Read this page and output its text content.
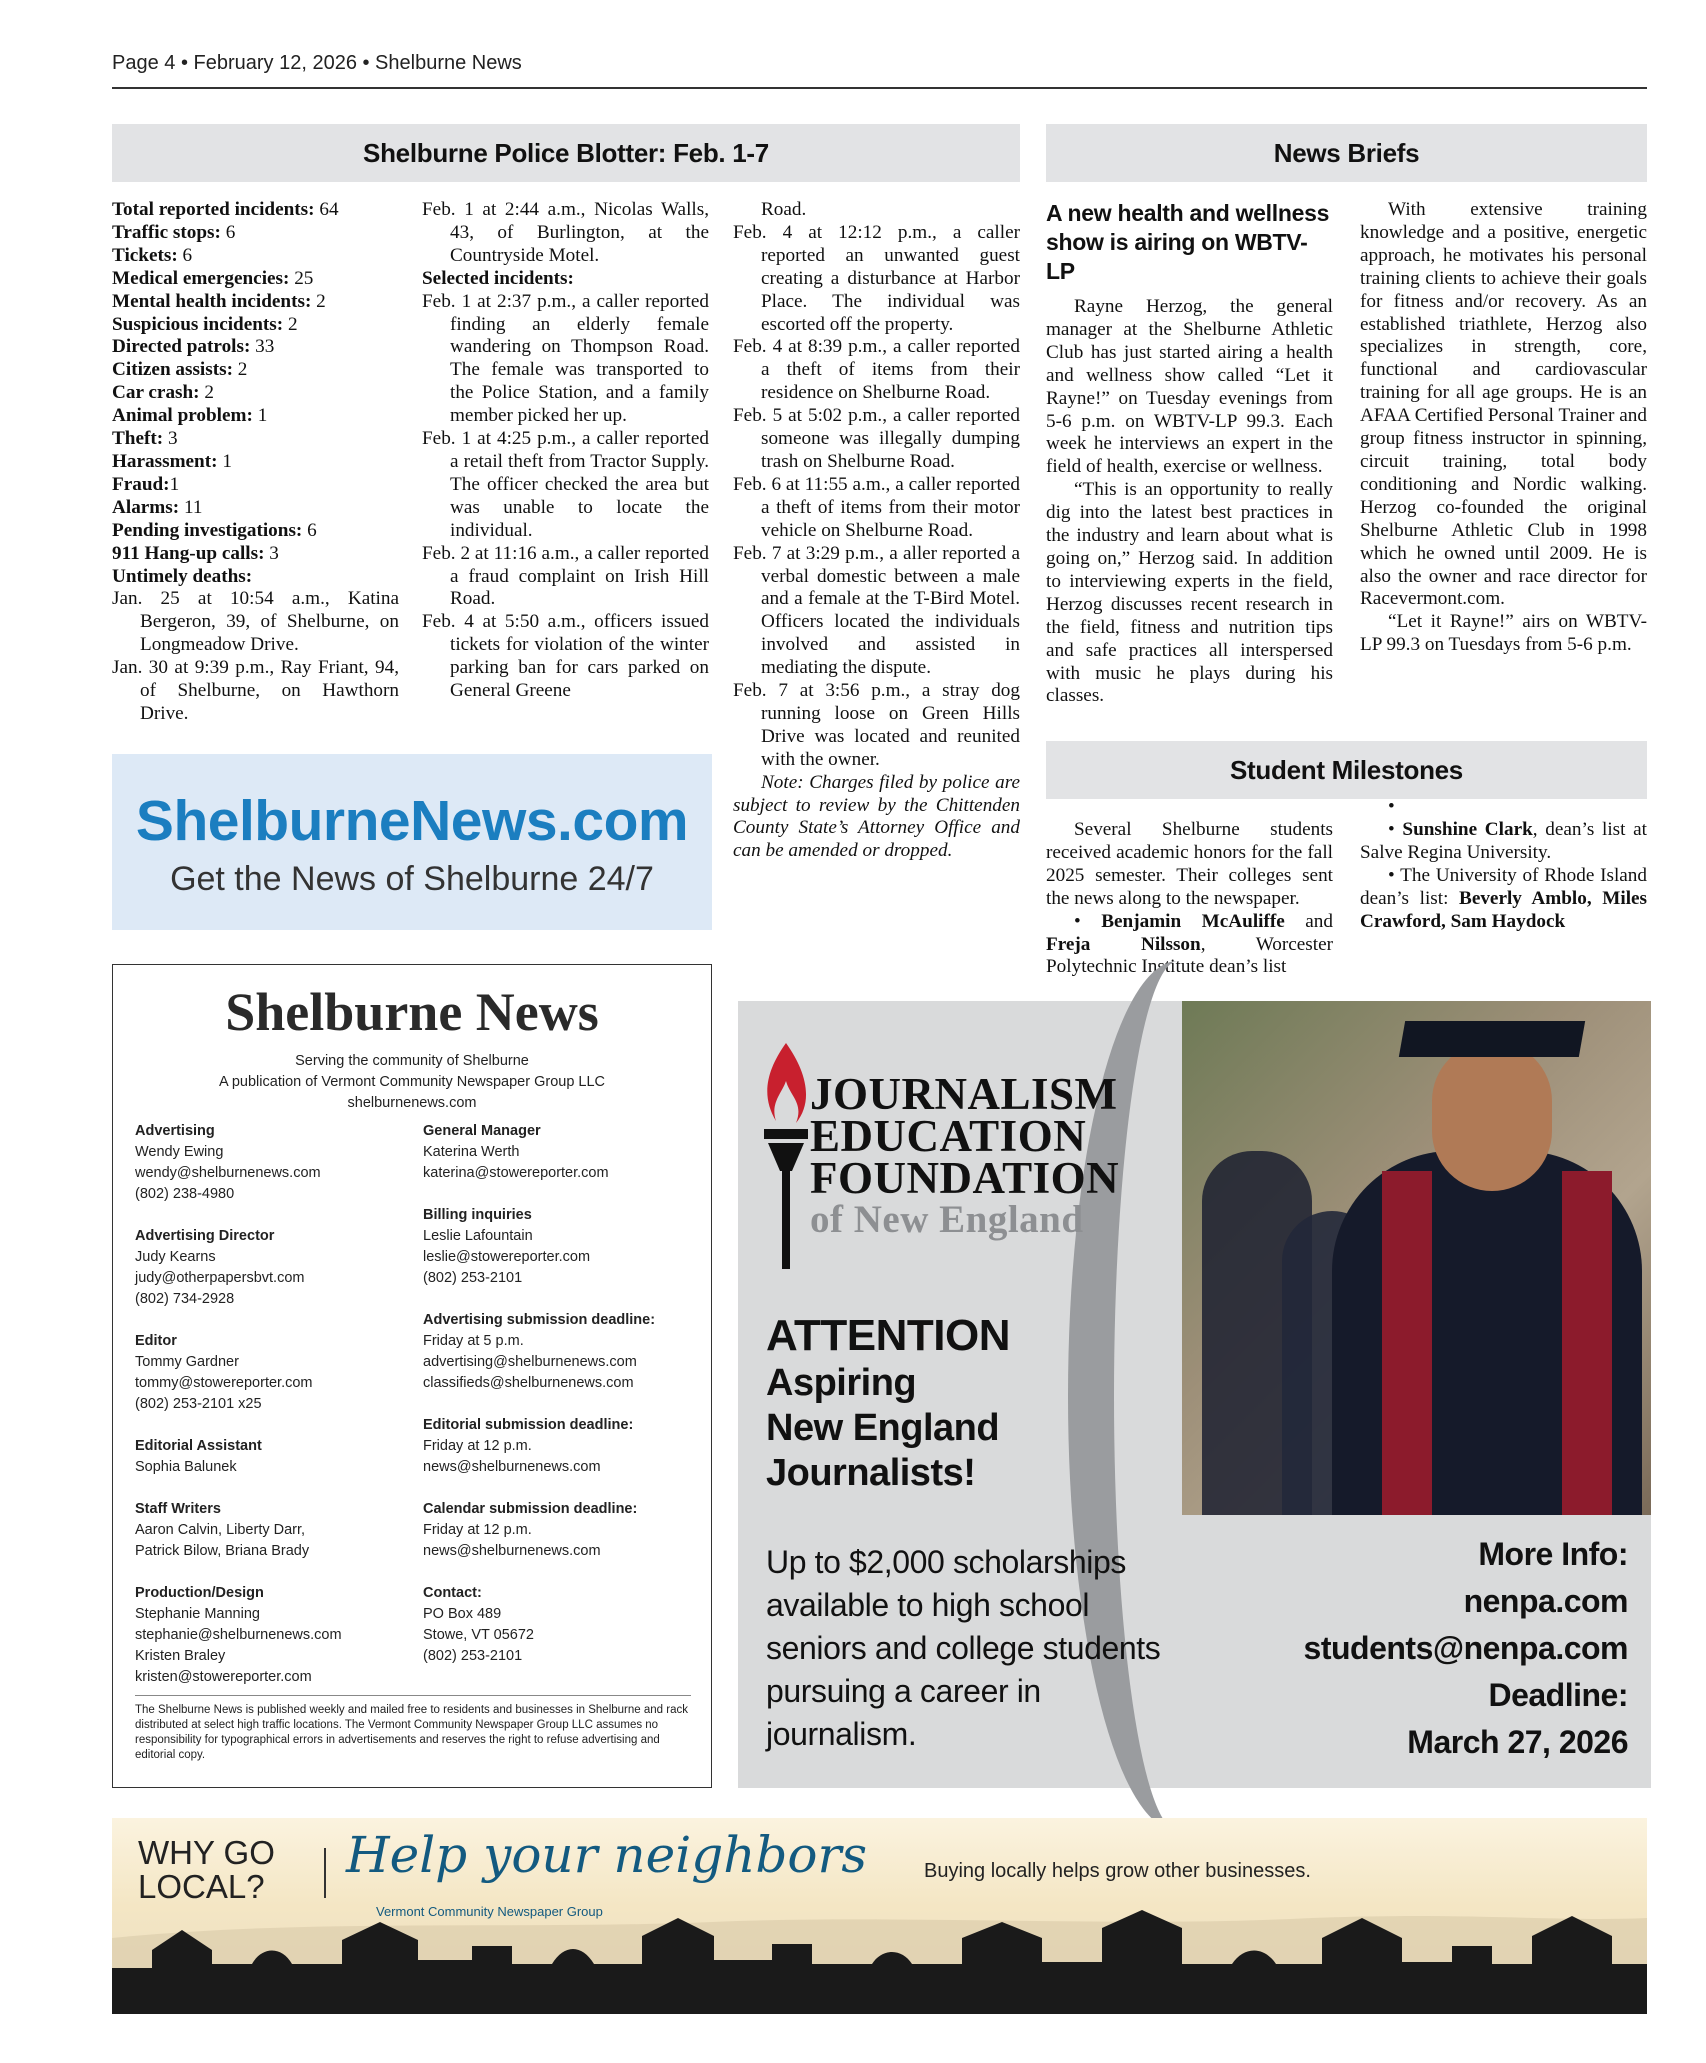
Page 4 • February 12, 2026 • Shelburne News
Shelburne Police Blotter: Feb. 1-7

Total reported incidents: 64

Traffic stops: 6

Tickets: 6

Medical emergencies: 25

Mental health incidents: 2

Suspicious incidents: 2

Directed patrols: 33

Citizen assists: 2

Car crash: 2

Animal problem: 1

Theft: 3

Harassment: 1

Fraud:1

Alarms: 11

Pending investigations: 6

911 Hang-up calls: 3

Untimely deaths:

Jan. 25 at 10:54 a.m., Katina Bergeron, 39, of Shelburne, on Longmeadow Drive.

Jan. 30 at 9:39 p.m., Ray Friant, 94, of Shelburne, on Hawthorn Drive.

Feb. 1 at 2:44 a.m., Nicolas Walls, 43, of Burlington, at the Countryside Motel.

Selected incidents:

Feb. 1 at 2:37 p.m., a caller reported finding an elderly female wandering on Thompson Road. The female was transported to the Police Station, and a family member picked her up.

Feb. 1 at 4:25 p.m., a caller reported a retail theft from Tractor Supply. The officer checked the area but was unable to locate the individual.

Feb. 2 at 11:16 a.m., a caller reported a fraud complaint on Irish Hill Road.

Feb. 4 at 5:50 a.m., officers issued tickets for violation of the winter parking ban for cars parked on General Greene

Road.

Feb. 4 at 12:12 p.m., a caller reported an unwanted guest creating a disturbance at Harbor Place. The individual was escorted off the property.

Feb. 4 at 8:39 p.m., a caller reported a theft of items from their residence on Shelburne Road.

Feb. 5 at 5:02 p.m., a caller reported someone was illegally dumping trash on Shelburne Road.

Feb. 6 at 11:55 a.m., a caller reported a theft of items from their motor vehicle on Shelburne Road.

Feb. 7 at 3:29 p.m., a aller reported a verbal domestic between a male and a female at the T-Bird Motel. Officers located the individuals involved and assisted in mediating the dispute.

Feb. 7 at 3:56 p.m., a stray dog running loose on Green Hills Drive was located and reunited with the owner.

Note: Charges filed by police are subject to review by the Chittenden County State’s Attorney Office and can be amended or dropped.

News Briefs
A new health and wellness show is airing on WBTV-LP

Rayne Herzog, the general manager at the Shelburne Athletic Club has just started airing a health and wellness show called “Let it Rayne!” on Tuesday evenings from 5-6 p.m. on WBTV-LP 99.3. Each week he interviews an expert in the field of health, exercise or wellness.

“This is an opportunity to really dig into the latest best practices in the industry and learn about what is going on,” Herzog said. In addition to interviewing experts in the field, Herzog discusses recent research in the field, fitness and nutrition tips and safe practices all interspersed with music he plays during his classes.

With extensive training knowledge and a positive, energetic approach, he motivates his personal training clients to achieve their goals for fitness and/or recovery. As an established triathlete, Herzog also specializes in strength, core, functional and cardiovascular training for all age groups. He is an AFAA Certified Personal Trainer and group fitness instructor in spinning, circuit training, total body conditioning and Nordic walking. Herzog co-founded the original Shelburne Athletic Club in 1998 which he owned until 2009. He is also the owner and race director for Racevermont.com.

“Let it Rayne!” airs on WBTV-LP 99.3 on Tuesdays from 5-6 p.m.

Student Milestones

Several Shelburne students received academic honors for the fall 2025 semester. Their colleges sent the news along to the newspaper.

• Benjamin McAuliffe and Freja Nilsson, Worcester Polytechnic Institute dean’s list

•

• Sunshine Clark, dean’s list at Salve Regina University.

• The University of Rhode Island dean’s list: Beverly Amblo, Miles Crawford, Sam Haydock

ShelburneNews.com
Get the News of Shelburne 24/7
Shelburne News
Serving the community of Shelburne
A publication of Vermont Community Newspaper Group LLC
shelburnenews.com
Advertising
Wendy Ewing
wendy@shelburnenews.com
(802) 238-4980
Advertising Director
Judy Kearns
judy@otherpapersbvt.com
(802) 734-2928
Editor
Tommy Gardner
tommy@stowereporter.com
(802) 253-2101 x25
Editorial Assistant
Sophia Balunek
Staff Writers
Aaron Calvin, Liberty Darr,
Patrick Bilow, Briana Brady
Production/Design
Stephanie Manning
stephanie@shelburnenews.com
Kristen Braley
kristen@stowereporter.com
General Manager
Katerina Werth
katerina@stowereporter.com
Billing inquiries
Leslie Lafountain
leslie@stowereporter.com
(802) 253-2101
Advertising submission deadline:
Friday at 5 p.m.
advertising@shelburnenews.com
classifieds@shelburnenews.com
Editorial submission deadline:
Friday at 12 p.m.
news@shelburnenews.com
Calendar submission deadline:
Friday at 12 p.m.
news@shelburnenews.com
Contact:
PO Box 489
Stowe, VT 05672
(802) 253-2101
The Shelburne News is published weekly and mailed free to residents and businesses in Shelburne and rack distributed at select high traffic locations. The Vermont Community Newspaper Group LLC assumes no responsibility for typographical errors in advertisements and reserves the right to refuse advertising and editorial copy.
JOURNALISM
EDUCATION
FOUNDATION
of New England
ATTENTION
Aspiring
New England
Journalists!
Up to $2,000 scholarships available to high school seniors and college students pursuing a career in journalism.
More Info:
nenpa.com
students@nenpa.com
Deadline:
March 27, 2026
WHY GO
LOCAL?
Help your neighbors
Vermont Community Newspaper Group
Buying locally helps grow other businesses.
